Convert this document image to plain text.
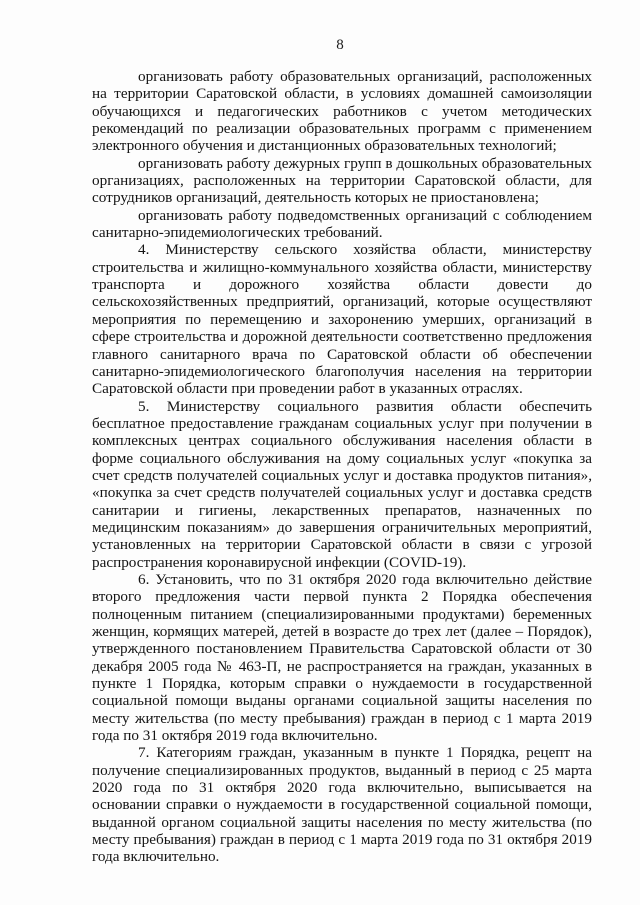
8

организовать работу образовательных организаций, расположенных на территории Саратовской области, в условиях домашней самоизоляции обучающихся и педагогических работников с учетом методических рекомендаций по реализации образовательных программ с применением электронного обучения и дистанционных образовательных технологий;

организовать работу дежурных групп в дошкольных образовательных организациях, расположенных на территории Саратовской области, для сотрудников организаций, деятельность которых не приостановлена;

организовать работу подведомственных организаций с соблюдением санитарно-эпидемиологических требований.

4. Министерству сельского хозяйства области, министерству строительства и жилищно-коммунального хозяйства области, министерству транспорта и дорожного хозяйства области довести до сельскохозяйственных предприятий, организаций, которые осуществляют мероприятия по перемещению и захоронению умерших, организаций в сфере строительства и дорожной деятельности соответственно предложения главного санитарного врача по Саратовской области об обеспечении санитарно-эпидемиологического благополучия населения на территории Саратовской области при проведении работ в указанных отраслях.

5. Министерству социального развития области обеспечить бесплатное предоставление гражданам социальных услуг при получении в комплексных центрах социального обслуживания населения области в форме социального обслуживания на дому социальных услуг «покупка за счет средств получателей социальных услуг и доставка продуктов питания», «покупка за счет средств получателей социальных услуг и доставка средств санитарии и гигиены, лекарственных препаратов, назначенных по медицинским показаниям» до завершения ограничительных мероприятий, установленных на территории Саратовской области в связи с угрозой распространения коронавирусной инфекции (COVID-19).

6. Установить, что по 31 октября 2020 года включительно действие второго предложения части первой пункта 2 Порядка обеспечения полноценным питанием (специализированными продуктами) беременных женщин, кормящих матерей, детей в возрасте до трех лет (далее – Порядок), утвержденного постановлением Правительства Саратовской области от 30 декабря 2005 года № 463-П, не распространяется на граждан, указанных в пункте 1 Порядка, которым справки о нуждаемости в государственной социальной помощи выданы органами социальной защиты населения по месту жительства (по месту пребывания) граждан в период с 1 марта 2019 года по 31 октября 2019 года включительно.

7. Категориям граждан, указанным в пункте 1 Порядка, рецепт на получение специализированных продуктов, выданный в период с 25 марта 2020 года по 31 октября 2020 года включительно, выписывается на основании справки о нуждаемости в государственной социальной помощи, выданной органом социальной защиты населения по месту жительства (по месту пребывания) граждан в период с 1 марта 2019 года по 31 октября 2019 года включительно.
